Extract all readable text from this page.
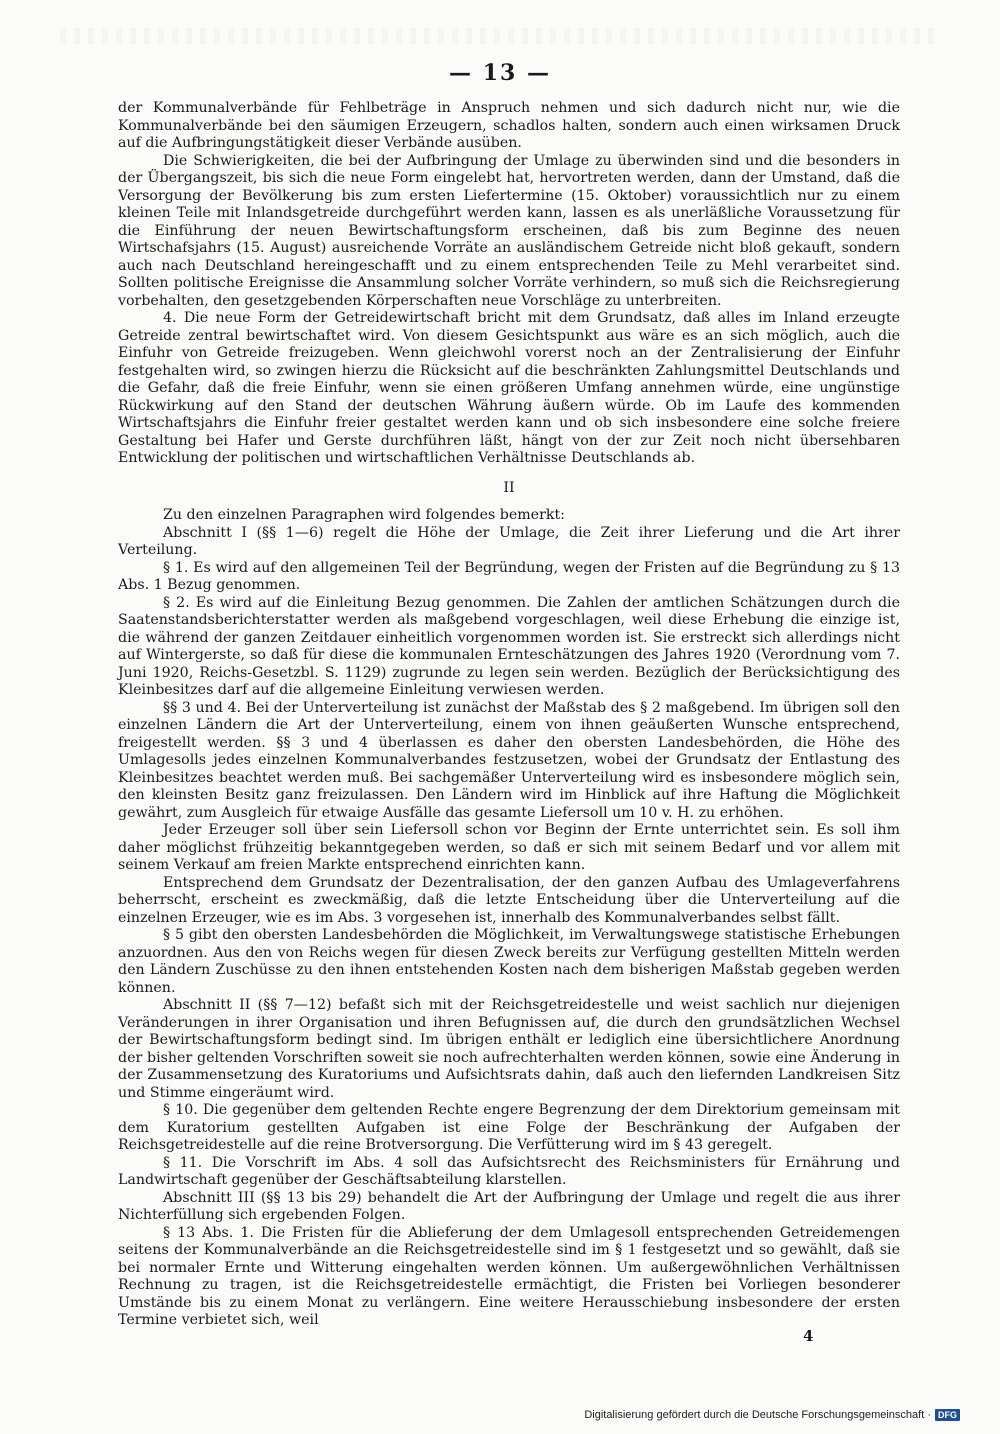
— 13 —

der Kommunalverbände für Fehlbeträge in Anspruch nehmen und sich dadurch nicht nur, wie die Kommunalverbände bei den säumigen Erzeugern, schadlos halten, sondern auch einen wirksamen Druck auf die Aufbringungstätigkeit dieser Verbände ausüben.

Die Schwierigkeiten, die bei der Aufbringung der Umlage zu überwinden sind und die besonders in der Übergangszeit, bis sich die neue Form eingelebt hat, hervortreten werden, dann der Umstand, daß die Versorgung der Bevölkerung bis zum ersten Liefertermine (15. Oktober) voraussichtlich nur zu einem kleinen Teile mit Inlandsgetreide durchgeführt werden kann, lassen es als unerläßliche Voraussetzung für die Einführung der neuen Bewirtschaftungsform erscheinen, daß bis zum Beginne des neuen Wirtschafsjahrs (15. August) ausreichende Vorräte an ausländischem Getreide nicht bloß gekauft, sondern auch nach Deutschland hereingeschafft und zu einem entsprechenden Teile zu Mehl verarbeitet sind. Sollten politische Ereignisse die Ansammlung solcher Vorräte verhindern, so muß sich die Reichsregierung vorbehalten, den gesetzgebenden Körperschaften neue Vorschläge zu unterbreiten.

4. Die neue Form der Getreidewirtschaft bricht mit dem Grundsatz, daß alles im Inland erzeugte Getreide zentral bewirtschaftet wird. Von diesem Gesichtspunkt aus wäre es an sich möglich, auch die Einfuhr von Getreide freizugeben. Wenn gleichwohl vorerst noch an der Zentralisierung der Einfuhr festgehalten wird, so zwingen hierzu die Rücksicht auf die beschränkten Zahlungsmittel Deutschlands und die Gefahr, daß die freie Einfuhr, wenn sie einen größeren Umfang annehmen würde, eine ungünstige Rückwirkung auf den Stand der deutschen Währung äußern würde. Ob im Laufe des kommenden Wirtschaftsjahrs die Einfuhr freier gestaltet werden kann und ob sich insbesondere eine solche freiere Gestaltung bei Hafer und Gerste durchführen läßt, hängt von der zur Zeit noch nicht übersehbaren Entwicklung der politischen und wirtschaftlichen Verhältnisse Deutschlands ab.

II

Zu den einzelnen Paragraphen wird folgendes bemerkt:

Abschnitt I (§§ 1—6) regelt die Höhe der Umlage, die Zeit ihrer Lieferung und die Art ihrer Verteilung.

§ 1. Es wird auf den allgemeinen Teil der Begründung, wegen der Fristen auf die Begründung zu § 13 Abs. 1 Bezug genommen.

§ 2. Es wird auf die Einleitung Bezug genommen. Die Zahlen der amtlichen Schätzungen durch die Saatenstandsberichterstatter werden als maßgebend vorgeschlagen, weil diese Erhebung die einzige ist, die während der ganzen Zeitdauer einheitlich vorgenommen worden ist. Sie erstreckt sich allerdings nicht auf Wintergerste, so daß für diese die kommunalen Ernteschätzungen des Jahres 1920 (Verordnung vom 7. Juni 1920, Reichs-Gesetzbl. S. 1129) zugrunde zu legen sein werden. Bezüglich der Berücksichtigung des Kleinbesitzes darf auf die allgemeine Einleitung verwiesen werden.

§§ 3 und 4. Bei der Unterverteilung ist zunächst der Maßstab des § 2 maßgebend. Im übrigen soll den einzelnen Ländern die Art der Unterverteilung, einem von ihnen geäußerten Wunsche entsprechend, freigestellt werden. §§ 3 und 4 überlassen es daher den obersten Landesbehörden, die Höhe des Umlagesolls jedes einzelnen Kommunalverbandes festzusetzen, wobei der Grundsatz der Entlastung des Kleinbesitzes beachtet werden muß. Bei sachgemäßer Unterverteilung wird es insbesondere möglich sein, den kleinsten Besitz ganz freizulassen. Den Ländern wird im Hinblick auf ihre Haftung die Möglichkeit gewährt, zum Ausgleich für etwaige Ausfälle das gesamte Liefersoll um 10 v. H. zu erhöhen.

Jeder Erzeuger soll über sein Liefersoll schon vor Beginn der Ernte unterrichtet sein. Es soll ihm daher möglichst frühzeitig bekanntgegeben werden, so daß er sich mit seinem Bedarf und vor allem mit seinem Verkauf am freien Markte entsprechend einrichten kann.

Entsprechend dem Grundsatz der Dezentralisation, der den ganzen Aufbau des Umlageverfahrens beherrscht, erscheint es zweckmäßig, daß die letzte Entscheidung über die Unterverteilung auf die einzelnen Erzeuger, wie es im Abs. 3 vorgesehen ist, innerhalb des Kommunalverbandes selbst fällt.

§ 5 gibt den obersten Landesbehörden die Möglichkeit, im Verwaltungswege statistische Erhebungen anzuordnen. Aus den von Reichs wegen für diesen Zweck bereits zur Verfügung gestellten Mitteln werden den Ländern Zuschüsse zu den ihnen entstehenden Kosten nach dem bisherigen Maßstab gegeben werden können.

Abschnitt II (§§ 7—12) befaßt sich mit der Reichsgetreidestelle und weist sachlich nur diejenigen Veränderungen in ihrer Organisation und ihren Befugnissen auf, die durch den grundsätzlichen Wechsel der Bewirtschaftungsform bedingt sind. Im übrigen enthält er lediglich eine übersichtlichere Anordnung der bisher geltenden Vorschriften soweit sie noch aufrechterhalten werden können, sowie eine Änderung in der Zusammensetzung des Kuratoriums und Aufsichtsrats dahin, daß auch den liefernden Landkreisen Sitz und Stimme eingeräumt wird.

§ 10. Die gegenüber dem geltenden Rechte engere Begrenzung der dem Direktorium gemeinsam mit dem Kuratorium gestellten Aufgaben ist eine Folge der Beschränkung der Aufgaben der Reichsgetreidestelle auf die reine Brotversorgung. Die Verfütterung wird im § 43 geregelt.

§ 11. Die Vorschrift im Abs. 4 soll das Aufsichtsrecht des Reichsministers für Ernährung und Landwirtschaft gegenüber der Geschäftsabteilung klarstellen.

Abschnitt III (§§ 13 bis 29) behandelt die Art der Aufbringung der Umlage und regelt die aus ihrer Nichterfüllung sich ergebenden Folgen.

§ 13 Abs. 1. Die Fristen für die Ablieferung der dem Umlagesoll entsprechenden Getreidemengen seitens der Kommunalverbände an die Reichsgetreidestelle sind im § 1 festgesetzt und so gewählt, daß sie bei normaler Ernte und Witterung eingehalten werden können. Um außergewöhnlichen Verhältnissen Rechnung zu tragen, ist die Reichsgetreidestelle ermächtigt, die Fristen bei Vorliegen besonderer Umstände bis zu einem Monat zu verlängern. Eine weitere Herausschiebung insbesondere der ersten Termine verbietet sich, weil

4
Digitalisierung gefördert durch die Deutsche Forschungsgemeinschaft · DFG
